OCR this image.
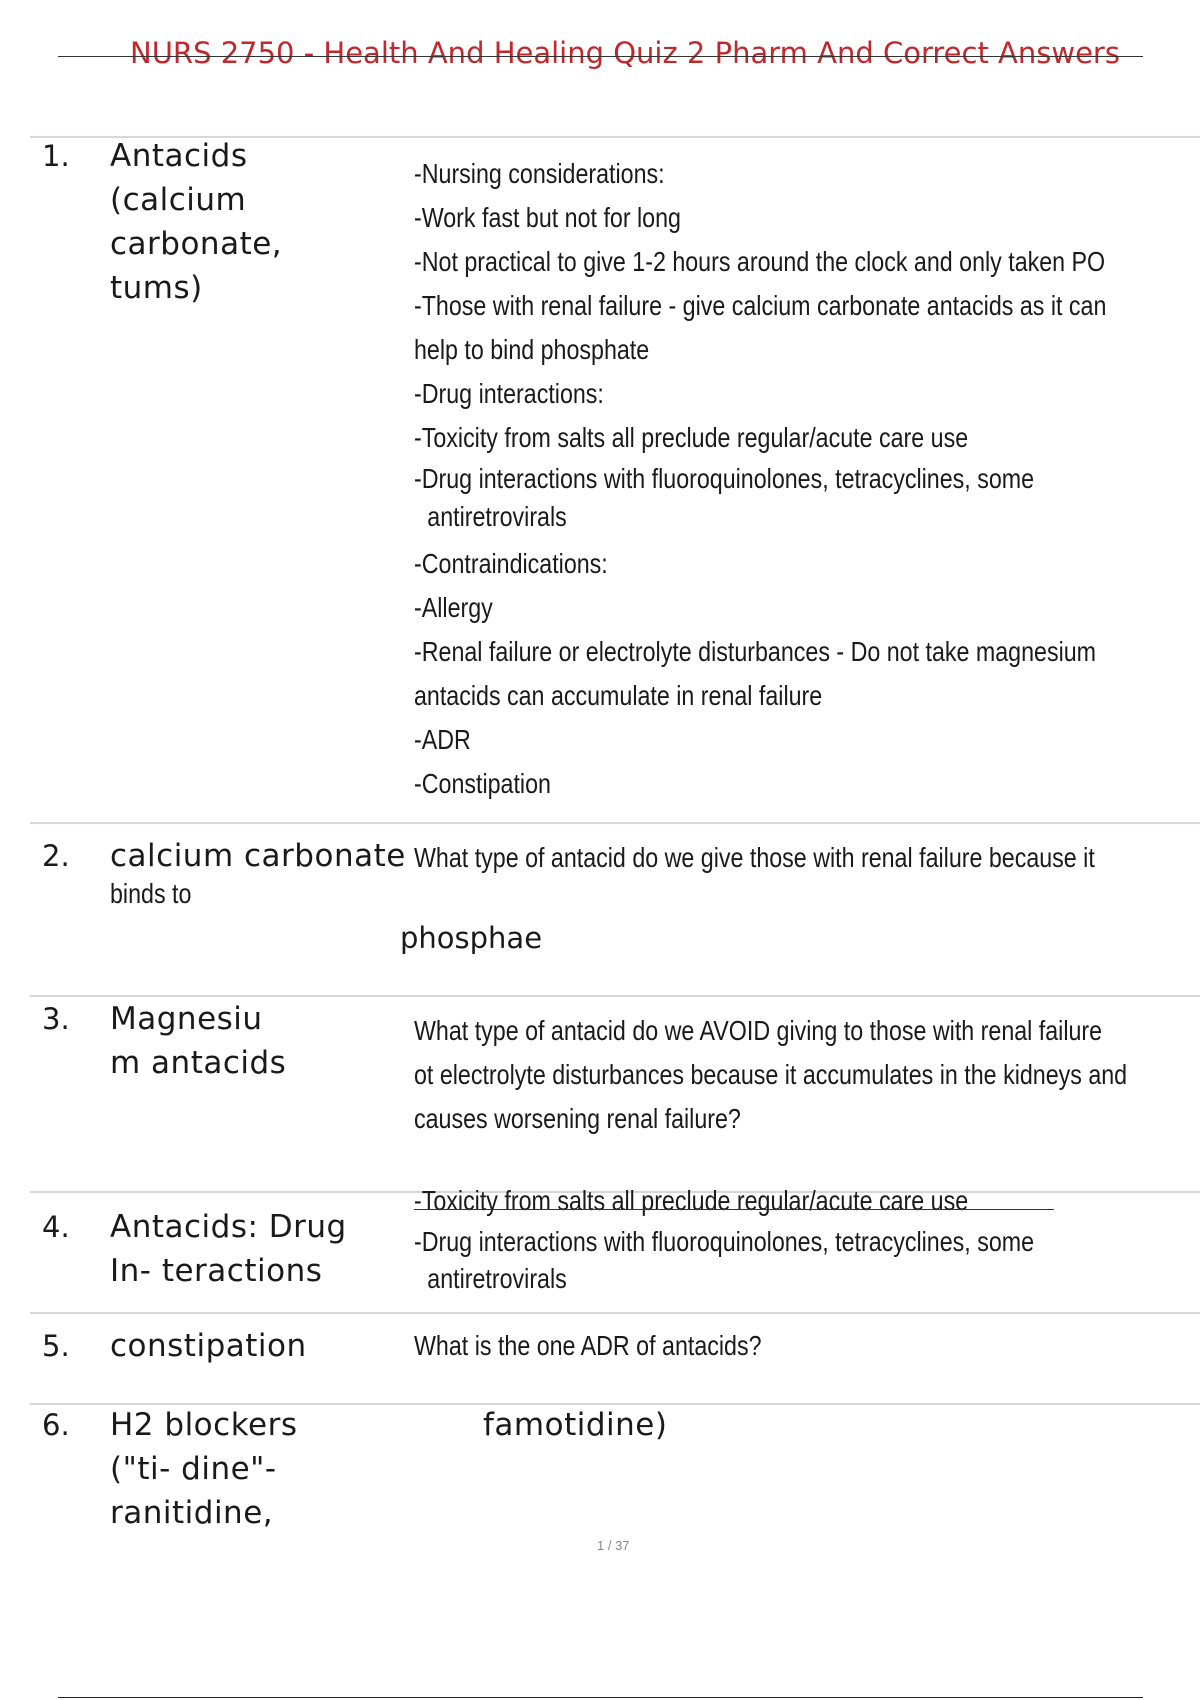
NURS 2750 - Health And Healing Quiz 2 Pharm And Correct Answers
1. Antacids (calcium carbonate, tums)
-Nursing considerations:
-Work fast but not for long
-Not practical to give 1-2 hours around the clock and only taken PO
-Those with renal failure - give calcium carbonate antacids as it can
help to bind phosphate
-Drug interactions:
-Toxicity from salts all preclude regular/acute care use
-Drug interactions with fluoroquinolones, tetracyclines, some
antiretrovirals
-Contraindications:
-Allergy
-Renal failure or electrolyte disturbances - Do not take magnesium
antacids can accumulate in renal failure
-ADR
-Constipation
2. calcium carbonate What type of antacid do we give those with renal failure because it
binds to
phosphae
3. Magnesiu m antacids
What type of antacid do we AVOID giving to those with renal failure
ot electrolyte disturbances because it accumulates in the kidneys and
causes worsening renal failure?
4. Antacids: Drug In- teractions
-Toxicity from salts all preclude regular/acute care use
-Drug interactions with fluoroquinolones, tetracyclines, some
antiretrovirals
5. constipation	What is the one ADR of antacids?
6. H2 blockers ("ti- dine"- ranitidine,
famotidine)
1 / 37
